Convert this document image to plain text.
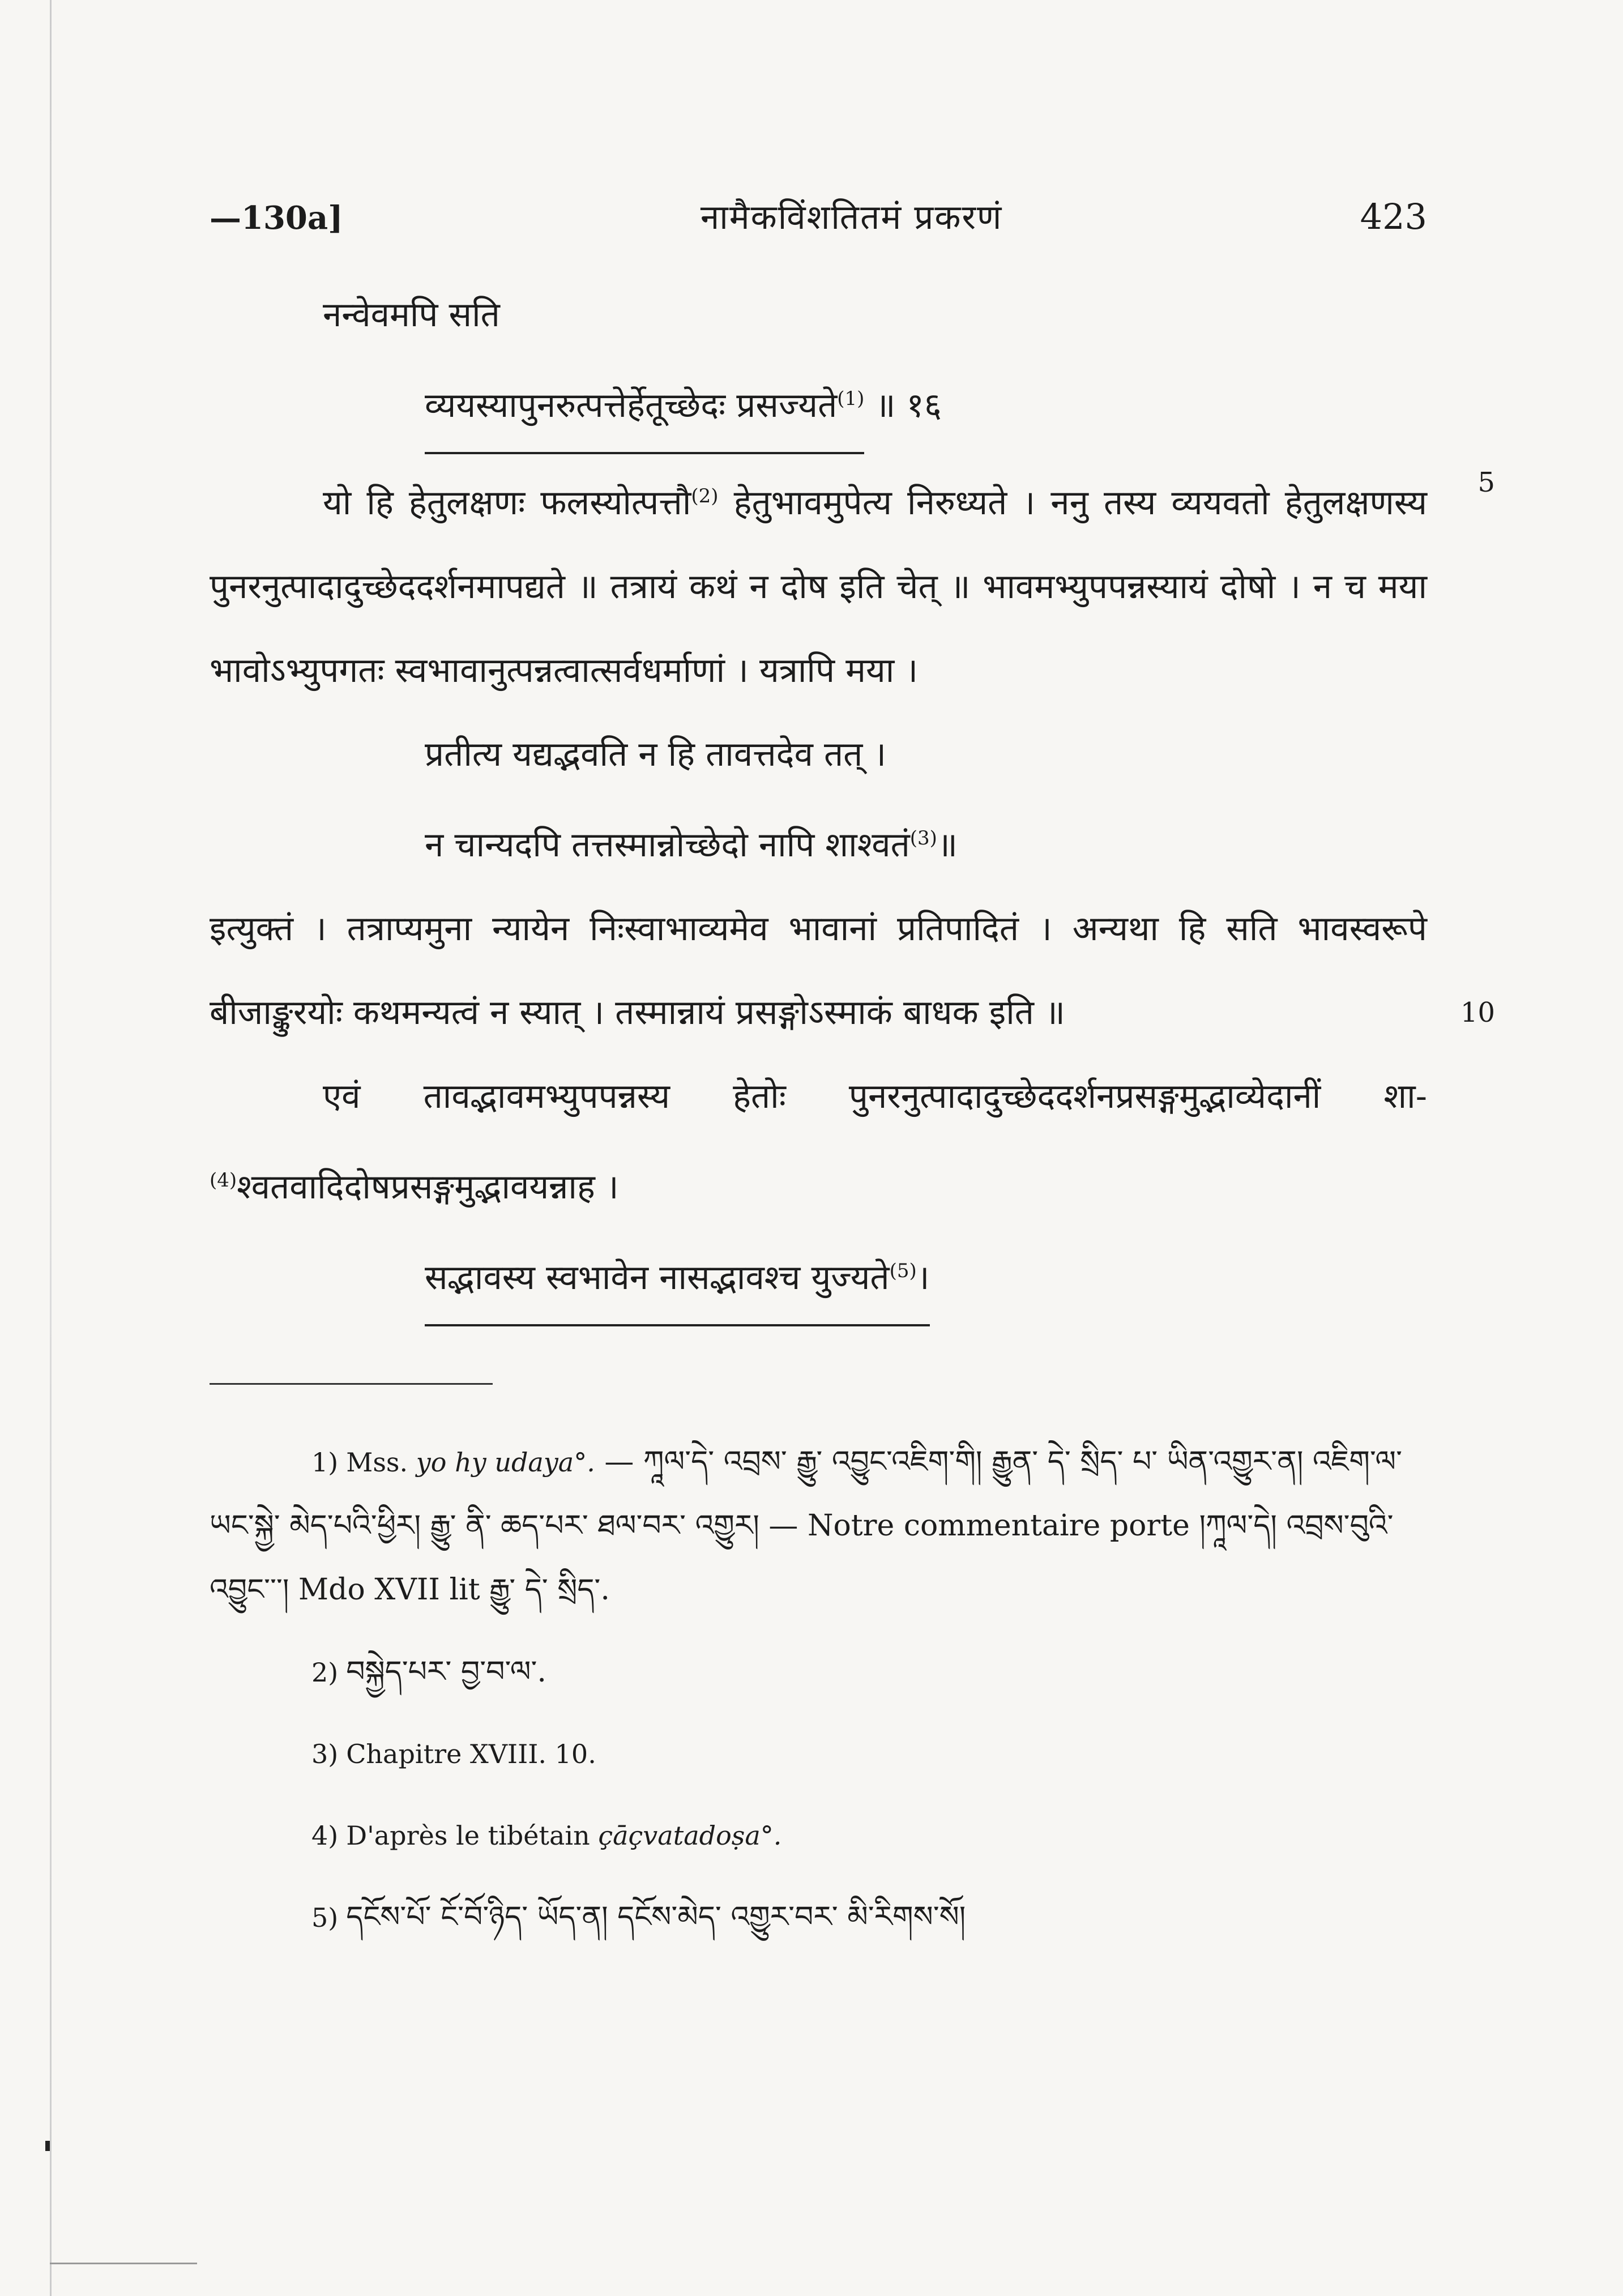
—130a]	नामैकविंशतितमं प्रकरणं	423

नन्वेवमपि सति

व्ययस्यापुनरुत्पत्तेर्हेतूच्छेदः प्रसज्यते$^{(1)}$ ॥ १६

यो हि हेतुलक्षणः फलस्योत्पत्तौ$^{(2)}$ हेतुभावमुपेत्य निरुध्यते । ननु तस्य व्ययवतो हेतुलक्षणस्य पुनरनुत्पादादुच्छेददर्शनमापद्यते ॥ तत्रायं कथं न दोष इति चेत् ॥ भावमभ्युपपन्नस्यायं दोषो । न च मया भावोऽभ्युपगतः स्वभावानुत्पन्नत्वात्सर्वधर्माणां । यत्रापि मया ।
5

प्रतीत्य यद्यद्भवति न हि तावत्तदेव तत् ।

न चान्यदपि तत्तस्मान्नोच्छेदो नापि शाश्वतं$^{(3)}$॥

इत्युक्तं । तत्राप्यमुना न्यायेन निःस्वाभाव्यमेव भावानां प्रतिपादितं । अन्यथा हि सति भावस्वरूपे बीजाङ्कुरयोः कथमन्यत्वं न स्यात् । तस्मान्नायं प्रसङ्गोऽस्माकं बाधक इति ॥	10

एवं तावद्भावमभ्युपपन्नस्य हेतोः पुनरनुत्पादादुच्छेददर्शनप्रसङ्गमुद्भाव्येदानीं शा-$^{(4)}$श्वतवादिदोषप्रसङ्गमुद्भावयन्नाह ।

सद्भावस्य स्वभावेन नासद्भावश्च युज्यते$^{(5)}$।

1) Mss. yo hy udaya°. — ཀཱལ་དེ་ འབྲས་ རྒྱུ་ འབྱུང་འཇིག་གི། རྒྱུན་ དེ་ སྲིད་ པ་ ཡིན་འགྱུར་ན། འཇིག་ལ་ ཡང་སྐྱེ་ མེད་པའི་ཕྱིར། རྒྱུ་ ནི་ ཆད་པར་ ཐལ་བར་ འགྱུར། — Notre commentaire porte །ཀཱལ་དེ། འབྲས་བུའི་ འབྱུང་་་། Mdo XVII lit རྒྱུ་ དེ་ སྲིད་.

2) བསྐྱེད་པར་ བྱ་བ་ལ་.

3) Chapitre XVIII. 10.

4) D'après le tibétain çāçvatadoṣa°.

5) དངོས་པོ་ ངོ་བོ་ཉིད་ ཡོད་ན། དངོས་མེད་ འགྱུར་བར་ མི་རིགས་སོ།
